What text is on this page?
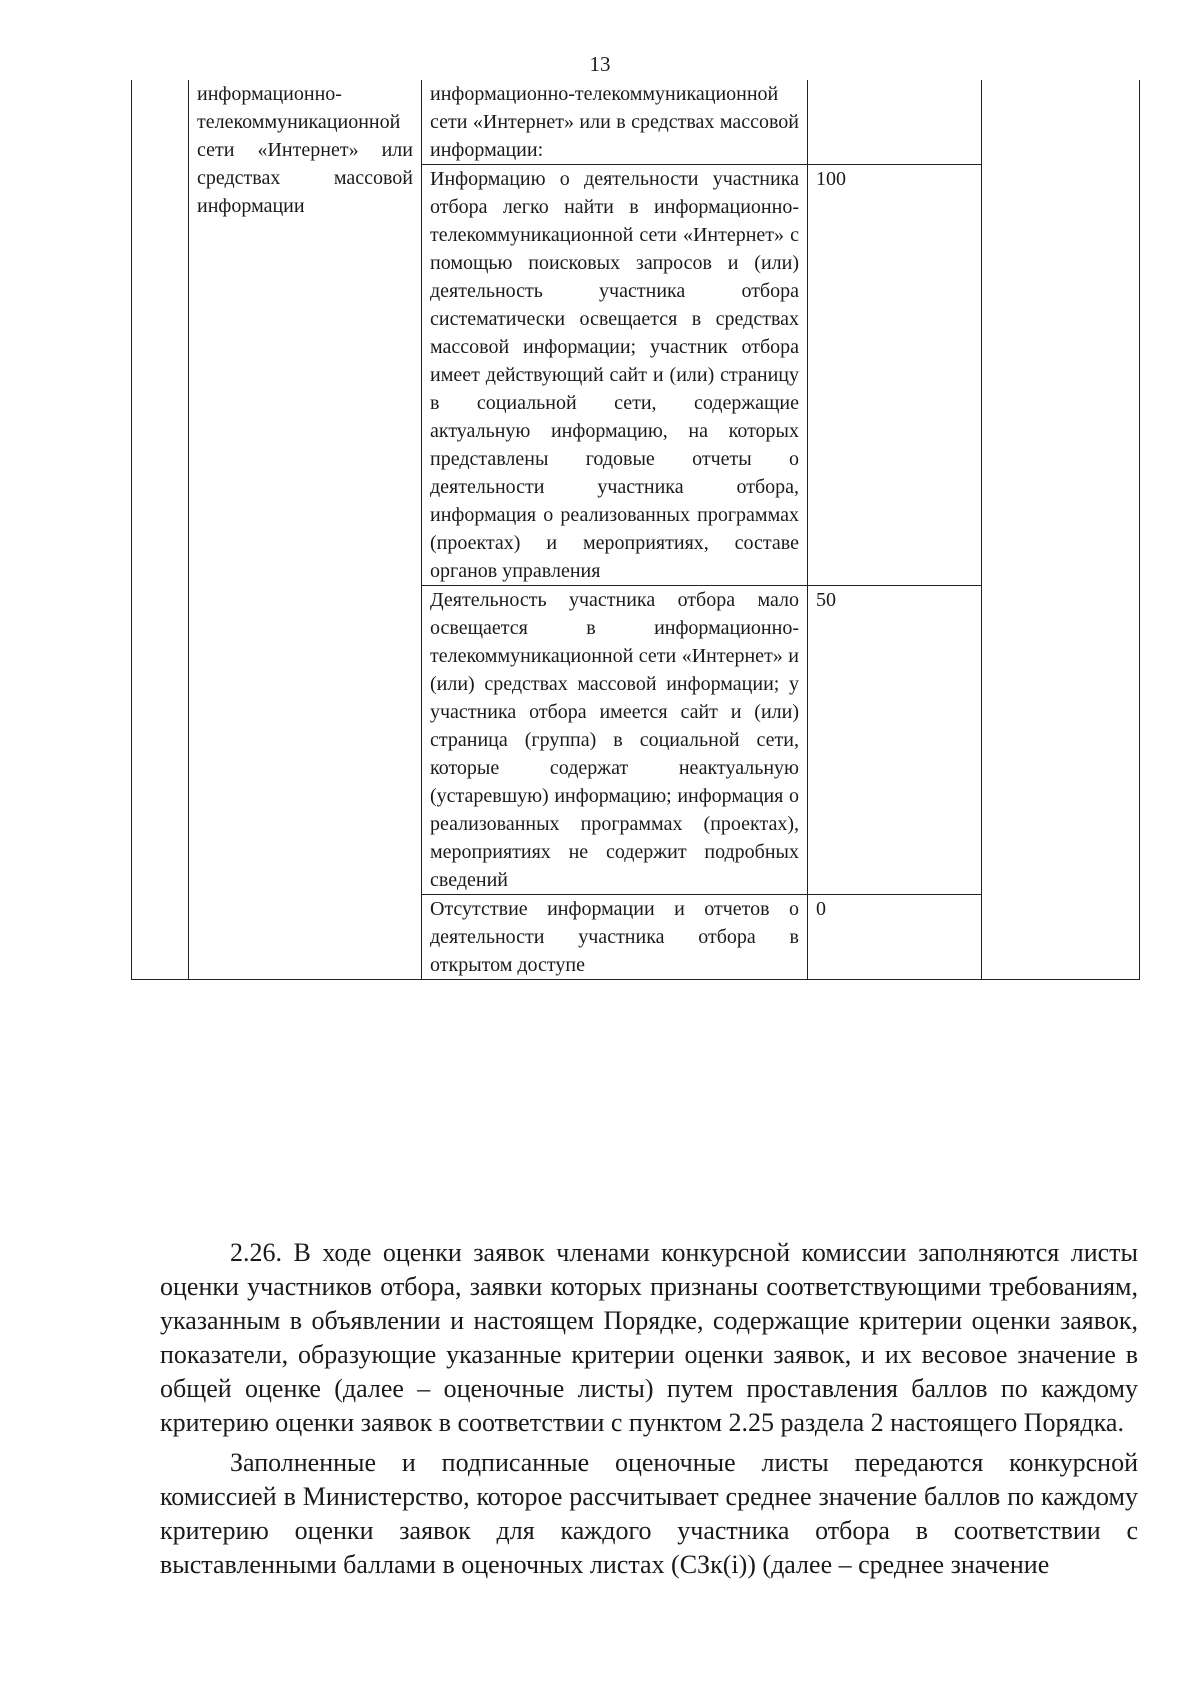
13

	информационно-телекоммуникационной сети «Интернет» или средствах массовой информации	информационно-телекоммуникационной сети «Интернет» или в средствах массовой информации:		

		Информацию о деятельности участника отбора легко найти в информационно-телекоммуникационной сети «Интернет» с помощью поисковых запросов и (или) деятельность участника отбора систематически освещается в средствах массовой информации; участник отбора имеет действующий сайт и (или) страницу в социальной сети, содержащие актуальную информацию, на которых представлены годовые отчеты о деятельности участника отбора, информация о реализованных программах (проектах) и мероприятиях, составе органов управления	100	

		Деятельность участника отбора мало освещается в информационно-телекоммуникационной сети «Интернет» и (или) средствах массовой информации; у участника отбора имеется сайт и (или) страница (группа) в социальной сети, которые содержат неактуальную (устаревшую) информацию; информация о реализованных программах (проектах), мероприятиях не содержит подробных сведений	50	

		Отсутствие информации и отчетов о деятельности участника отбора в открытом доступе	0	

2.26. В ходе оценки заявок членами конкурсной комиссии заполняются листы оценки участников отбора, заявки которых признаны соответствующими требованиям, указанным в объявлении и настоящем Порядке, содержащие критерии оценки заявок, показатели, образующие указанные критерии оценки заявок, и их весовое значение в общей оценке (далее – оценочные листы) путем проставления баллов по каждому критерию оценки заявок в соответствии с пунктом 2.25 раздела 2 настоящего Порядка.

Заполненные и подписанные оценочные листы передаются конкурсной комиссией в Министерство, которое рассчитывает среднее значение баллов по каждому критерию оценки заявок для каждого участника отбора в соответствии с выставленными баллами в оценочных листах (СЗк(i)) (далее – среднее значение
